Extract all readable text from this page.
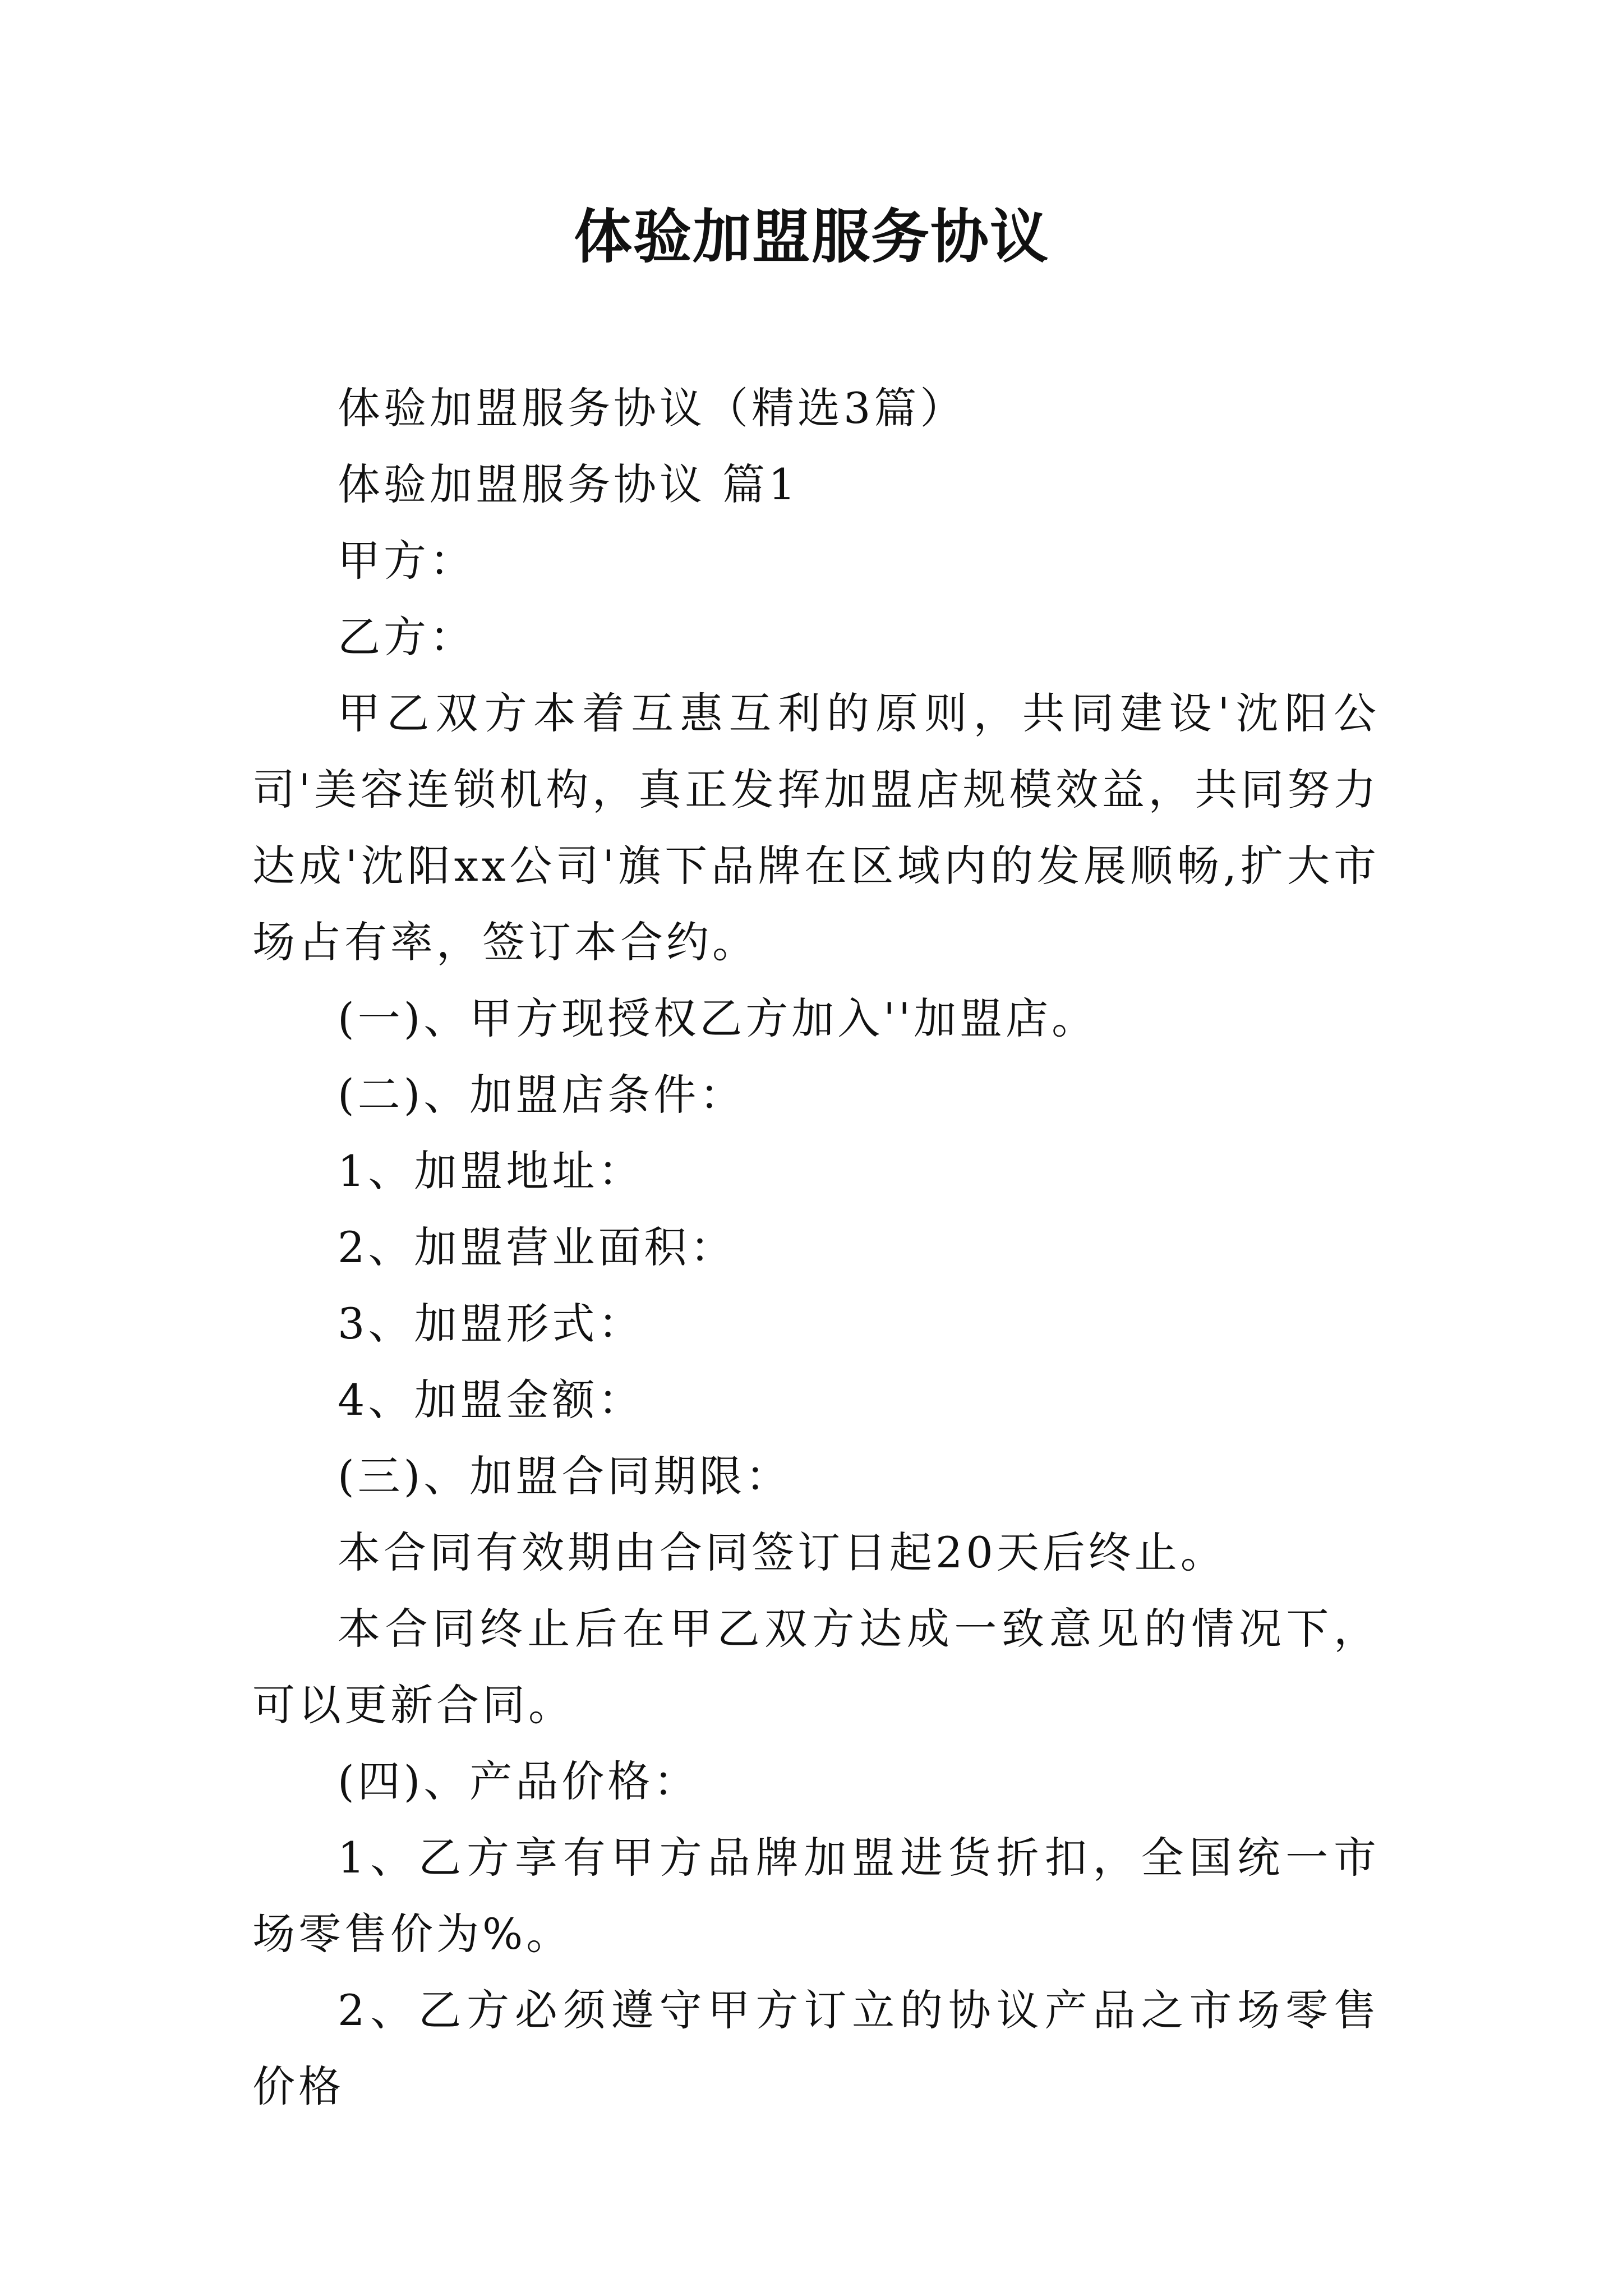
体验加盟服务协议

体验加盟服务协议（精选3篇）

体验加盟服务协议 篇1

甲方：

乙方：

甲乙双方本着互惠互利的原则，共同建设'沈阳公司'美容连锁机构，真正发挥加盟店规模效益，共同努力达成'沈阳xx公司'旗下品牌在区域内的发展顺畅,扩大市场占有率，签订本合约。

(一)、甲方现授权乙方加入''加盟店。

(二)、加盟店条件：

1、加盟地址：

2、加盟营业面积：

3、加盟形式：

4、加盟金额：

(三)、加盟合同期限：

本合同有效期由合同签订日起20天后终止。

本合同终止后在甲乙双方达成一致意见的情况下，可以更新合同。

(四)、产品价格：

1、乙方享有甲方品牌加盟进货折扣，全国统一市场零售价为%。

2、乙方必须遵守甲方订立的协议产品之市场零售价格
